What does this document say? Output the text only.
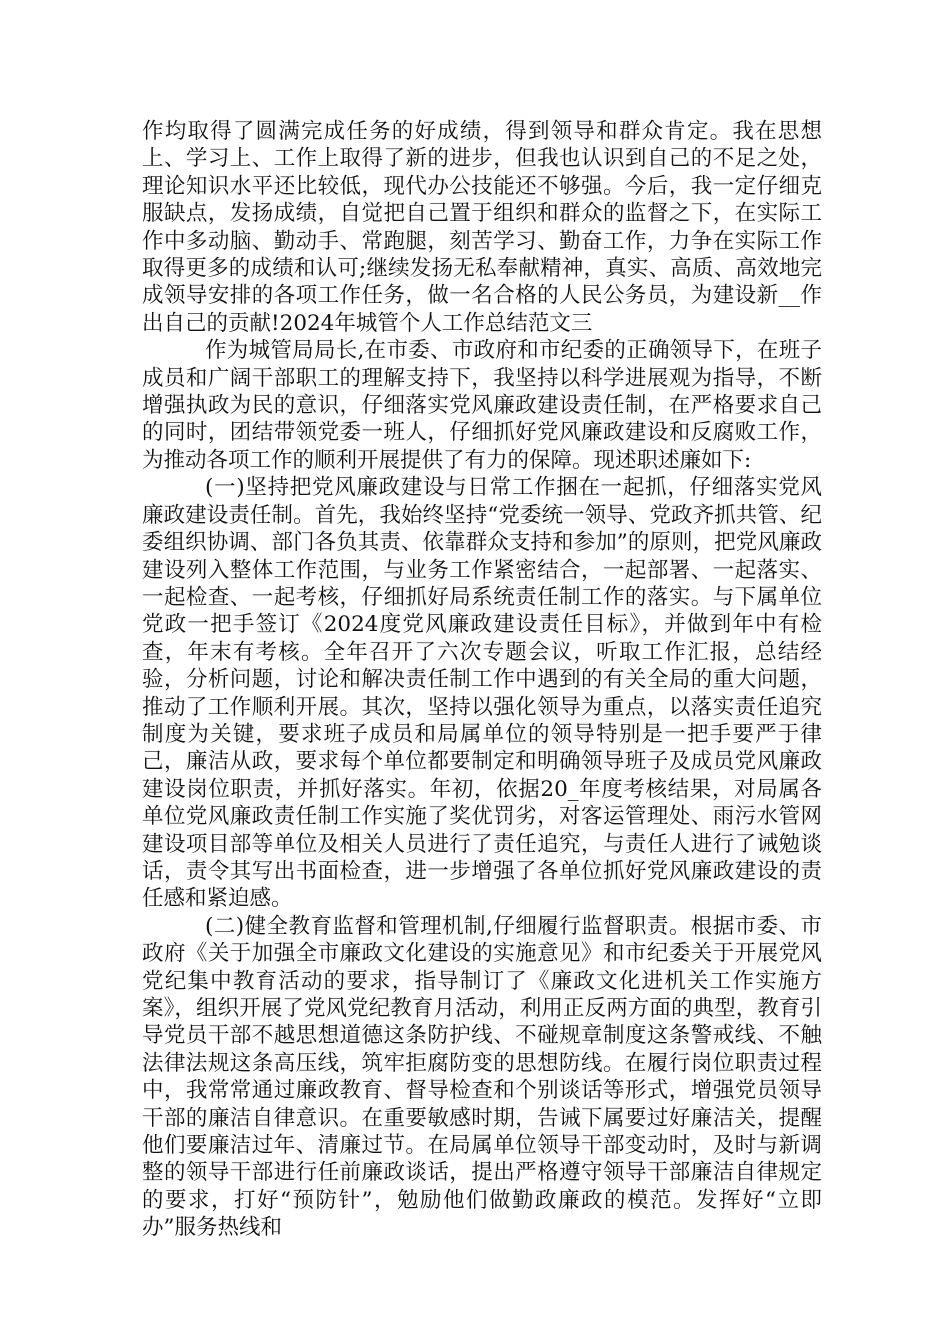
作均取得了圆满完成任务的好成绩，得到领导和群众肯定。我在思想上、学习上、工作上取得了新的进步，但我也认识到自己的不足之处，理论知识水平还比较低，现代办公技能还不够强。今后，我一定仔细克服缺点，发扬成绩，自觉把自己置于组织和群众的监督之下，在实际工作中多动脑、勤动手、常跑腿，刻苦学习、勤奋工作，力争在实际工作取得更多的成绩和认可;继续发扬无私奉献精神，真实、高质、高效地完成领导安排的各项工作任务，做一名合格的人民公务员，为建设新__作出自己的贡献!2024年城管个人工作总结范文三

作为城管局局长,在市委、市政府和市纪委的正确领导下，在班子成员和广阔干部职工的理解支持下，我坚持以科学进展观为指导，不断增强执政为民的意识，仔细落实党风廉政建设责任制，在严格要求自己的同时，团结带领党委一班人，仔细抓好党风廉政建设和反腐败工作，为推动各项工作的顺利开展提供了有力的保障。现述职述廉如下:

(一)坚持把党风廉政建设与日常工作捆在一起抓，仔细落实党风廉政建设责任制。首先，我始终坚持“党委统一领导、党政齐抓共管、纪委组织协调、部门各负其责、依靠群众支持和参加”的原则，把党风廉政建设列入整体工作范围，与业务工作紧密结合，一起部署、一起落实、一起检查、一起考核，仔细抓好局系统责任制工作的落实。与下属单位党政一把手签订《2024度党风廉政建设责任目标》，并做到年中有检查，年末有考核。全年召开了六次专题会议，听取工作汇报，总结经验，分析问题，讨论和解决责任制工作中遇到的有关全局的重大问题，推动了工作顺利开展。其次，坚持以强化领导为重点，以落实责任追究制度为关键，要求班子成员和局属单位的领导特别是一把手要严于律己，廉洁从政，要求每个单位都要制定和明确领导班子及成员党风廉政建设岗位职责，并抓好落实。年初，依据20_年度考核结果，对局属各单位党风廉政责任制工作实施了奖优罚劣，对客运管理处、雨污水管网建设项目部等单位及相关人员进行了责任追究，与责任人进行了诫勉谈话，责令其写出书面检查，进一步增强了各单位抓好党风廉政建设的责任感和紧迫感。

(二)健全教育监督和管理机制,仔细履行监督职责。根据市委、市政府《关于加强全市廉政文化建设的实施意见》和市纪委关于开展党风党纪集中教育活动的要求，指导制订了《廉政文化进机关工作实施方案》，组织开展了党风党纪教育月活动，利用正反两方面的典型，教育引导党员干部不越思想道德这条防护线、不碰规章制度这条警戒线、不触法律法规这条高压线，筑牢拒腐防变的思想防线。在履行岗位职责过程中，我常常通过廉政教育、督导检查和个别谈话等形式，增强党员领导干部的廉洁自律意识。在重要敏感时期，告诫下属要过好廉洁关，提醒他们要廉洁过年、清廉过节。在局属单位领导干部变动时，及时与新调整的领导干部进行任前廉政谈话，提出严格遵守领导干部廉洁自律规定的要求，打好“预防针”，勉励他们做勤政廉政的模范。发挥好“立即办”服务热线和
